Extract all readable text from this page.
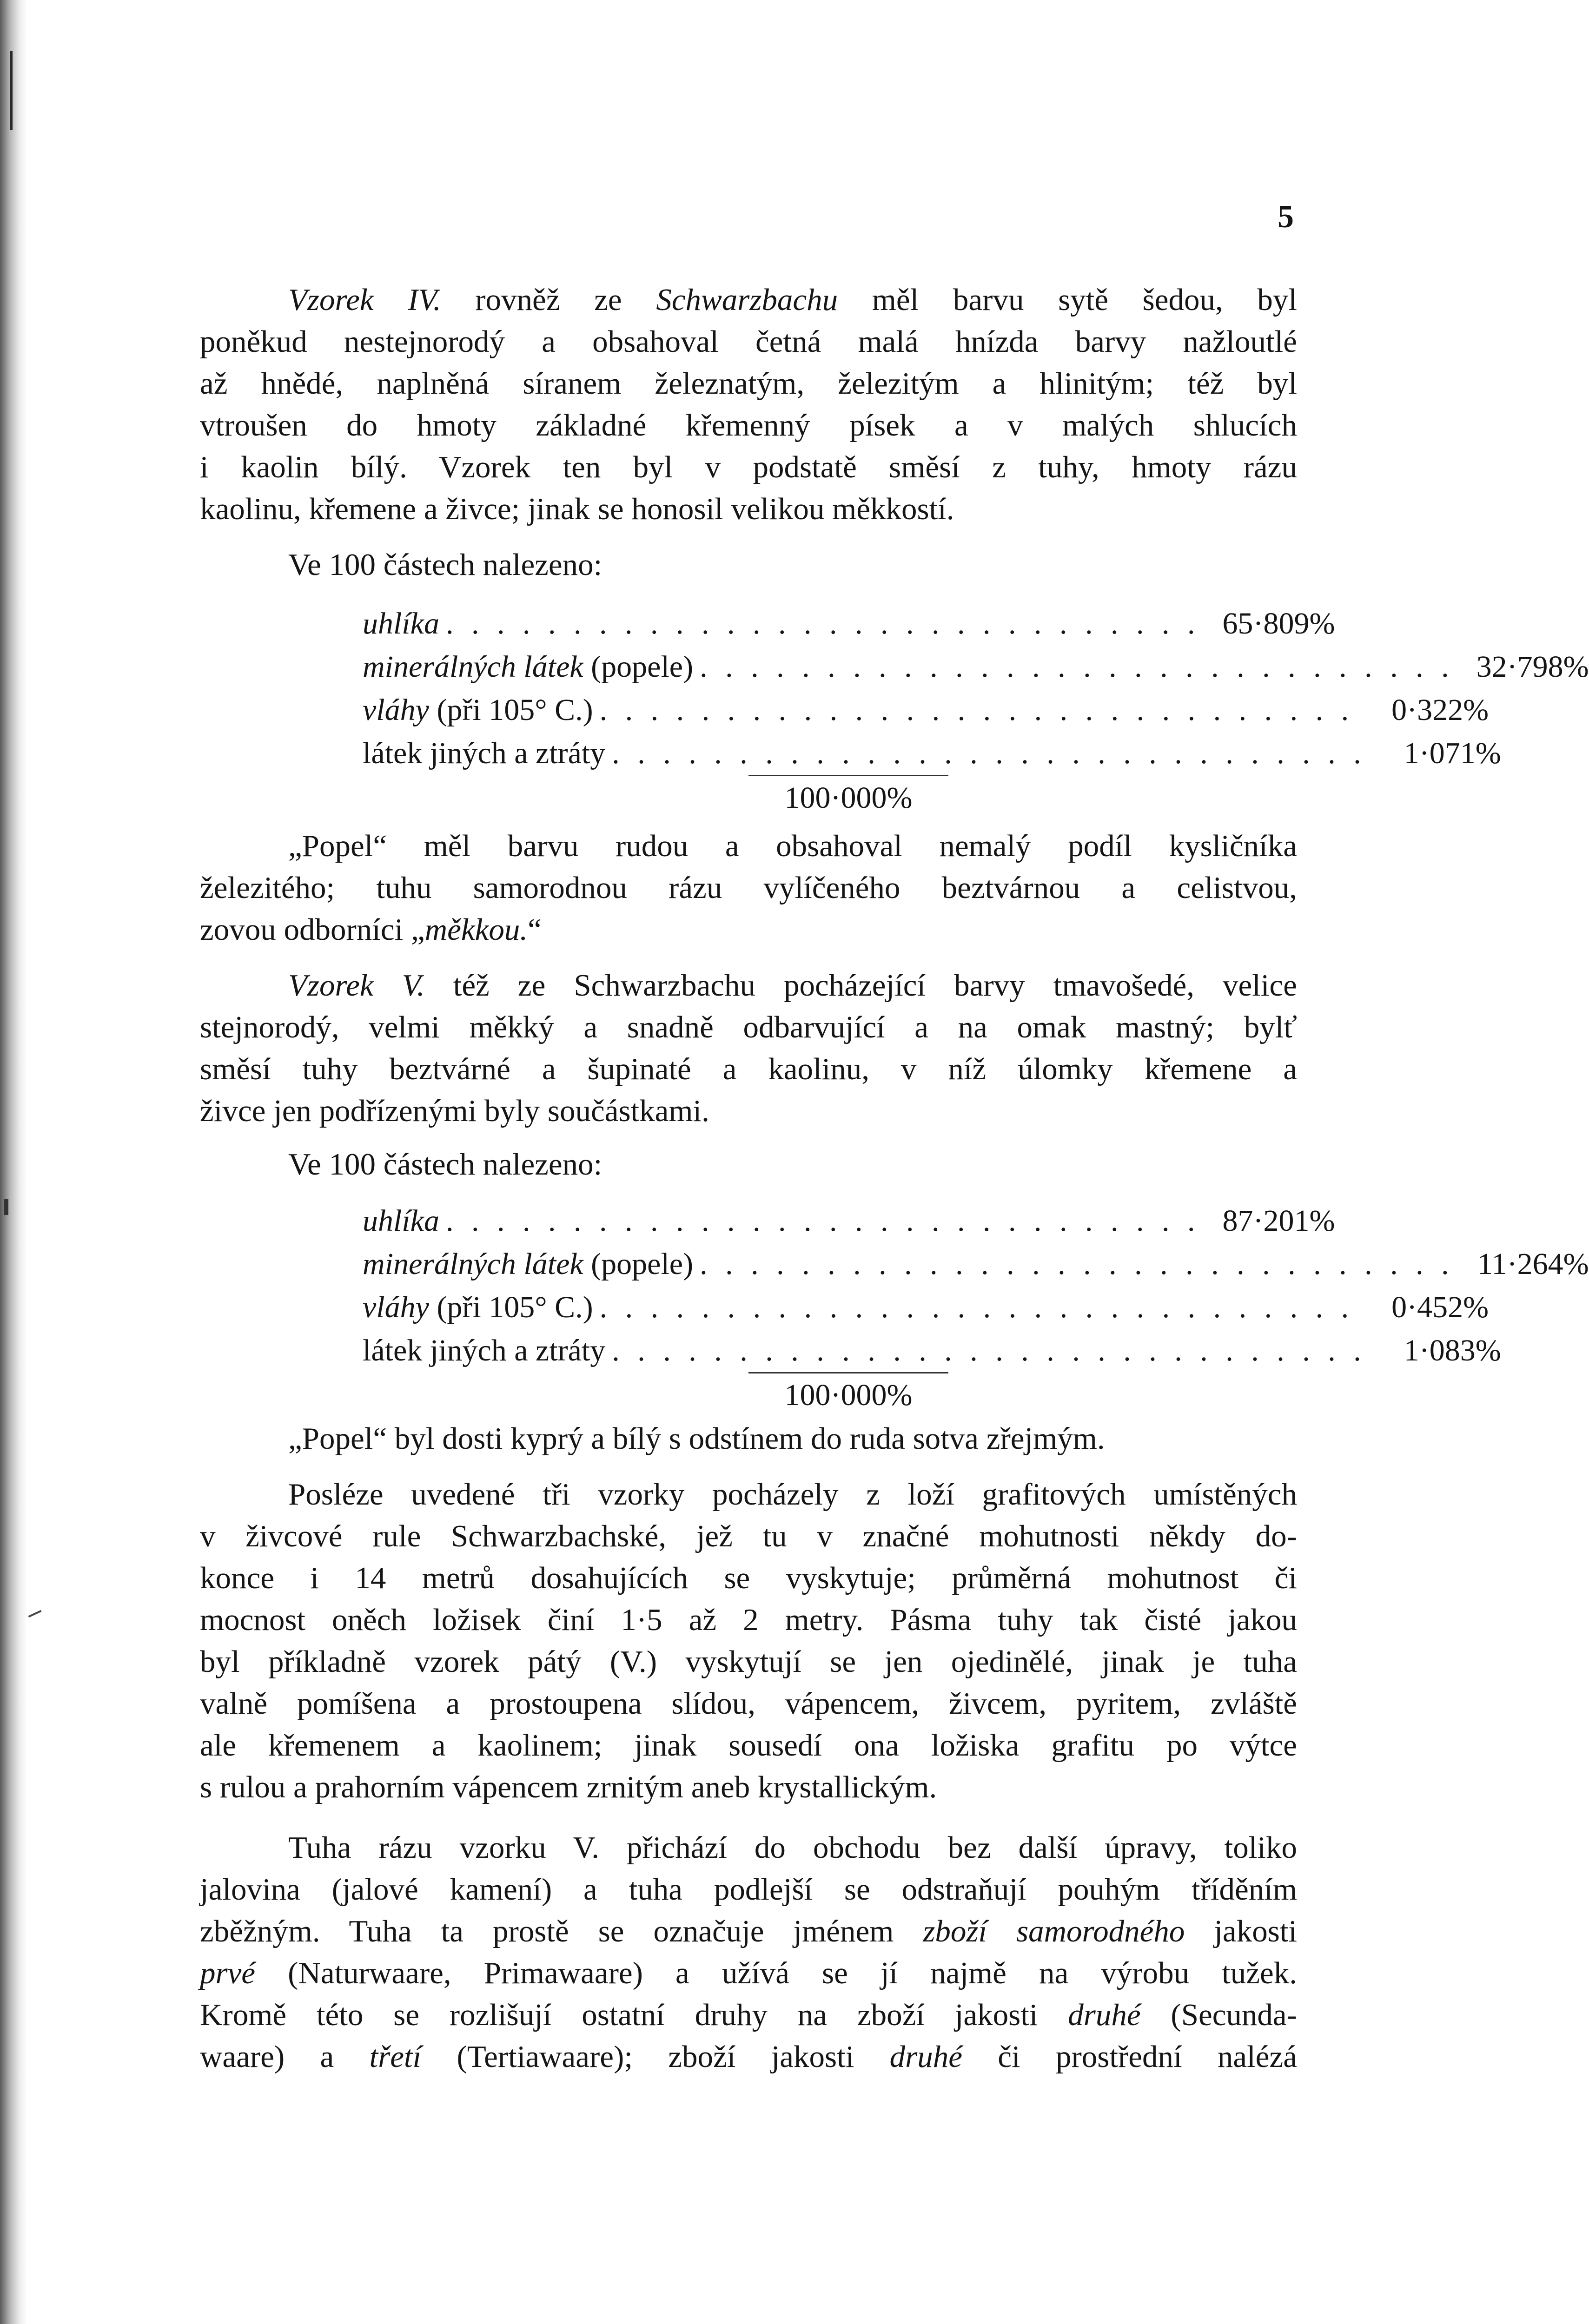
5
Vzorek IV. rovněž ze Schwarzbachu měl barvu sytě šedou, byl
poněkud nestejnorodý a obsahoval četná malá hnízda barvy nažloutlé
až hnědé, naplněná síranem železnatým, železitým a hlinitým; též byl
vtroušen do hmoty základné křemenný písek a v malých shlucích
i kaolin bílý. Vzorek ten byl v podstatě směsí z tuhy, hmoty rázu
kaolinu, křemene a živce; jinak se honosil velikou měkkostí.
Ve 100 částech nalezeno:
uhlíka . . . . . . . . . . . . . . . . . . . . . . . . . . . . . . 65·809%
minerálných látek (popele) . . . . . . . . . . . . . . . . . . . . . . . . . . . . . . 32·798%
vláhy (při 105° C.) . . . . . . . . . . . . . . . . . . . . . . . . . . . . . .	0·322%
látek jiných a ztráty . . . . . . . . . . . . . . . . . . . . . . . . . . . . . .	1·071%
100·000%
„Popel“ měl barvu rudou a obsahoval nemalý podíl kysličníka
železitého; tuhu samorodnou rázu vylíčeného beztvárnou a celistvou,
zovou odborníci „měkkou.“
Vzorek V. též ze Schwarzbachu pocházející barvy tmavošedé, velice
stejnorodý, velmi měkký a snadně odbarvující a na omak mastný; bylť
směsí tuhy beztvárné a šupinaté a kaolinu, v níž úlomky křemene a
živce jen podřízenými byly součástkami.
Ve 100 částech nalezeno:
uhlíka . . . . . . . . . . . . . . . . . . . . . . . . . . . . . . 87·201%
minerálných látek (popele) . . . . . . . . . . . . . . . . . . . . . . . . . . . . . . 11·264%
vláhy (při 105° C.) . . . . . . . . . . . . . . . . . . . . . . . . . . . . . .	0·452%
látek jiných a ztráty . . . . . . . . . . . . . . . . . . . . . . . . . . . . . .	1·083%
100·000%
„Popel“ byl dosti kyprý a bílý s odstínem do ruda sotva zřejmým.
Posléze uvedené tři vzorky pocházely z loží grafitových umístěných
v živcové rule Schwarzbachské, jež tu v značné mohutnosti někdy do-
konce i 14 metrů dosahujících se vyskytuje; průměrná mohutnost či
mocnost oněch ložisek činí 1·5 až 2 metry. Pásma tuhy tak čisté jakou
byl příkladně vzorek pátý (V.) vyskytují se jen ojedinělé, jinak je tuha
valně pomíšena a prostoupena slídou, vápencem, živcem, pyritem, zvláště
ale křemenem a kaolinem; jinak sousedí ona ložiska grafitu po výtce
s rulou a prahorním vápencem zrnitým aneb krystallickým.
Tuha rázu vzorku V. přichází do obchodu bez další úpravy, toliko
jalovina (jalové kamení) a tuha podlejší se odstraňují pouhým tříděním
zběžným. Tuha ta prostě se označuje jménem zboží samorodného jakosti
prvé (Naturwaare, Primawaare) a užívá se jí najmě na výrobu tužek.
Kromě této se rozlišují ostatní druhy na zboží jakosti druhé (Secunda-
waare) a třetí (Tertiawaare); zboží jakosti druhé či prostřední nalézá
